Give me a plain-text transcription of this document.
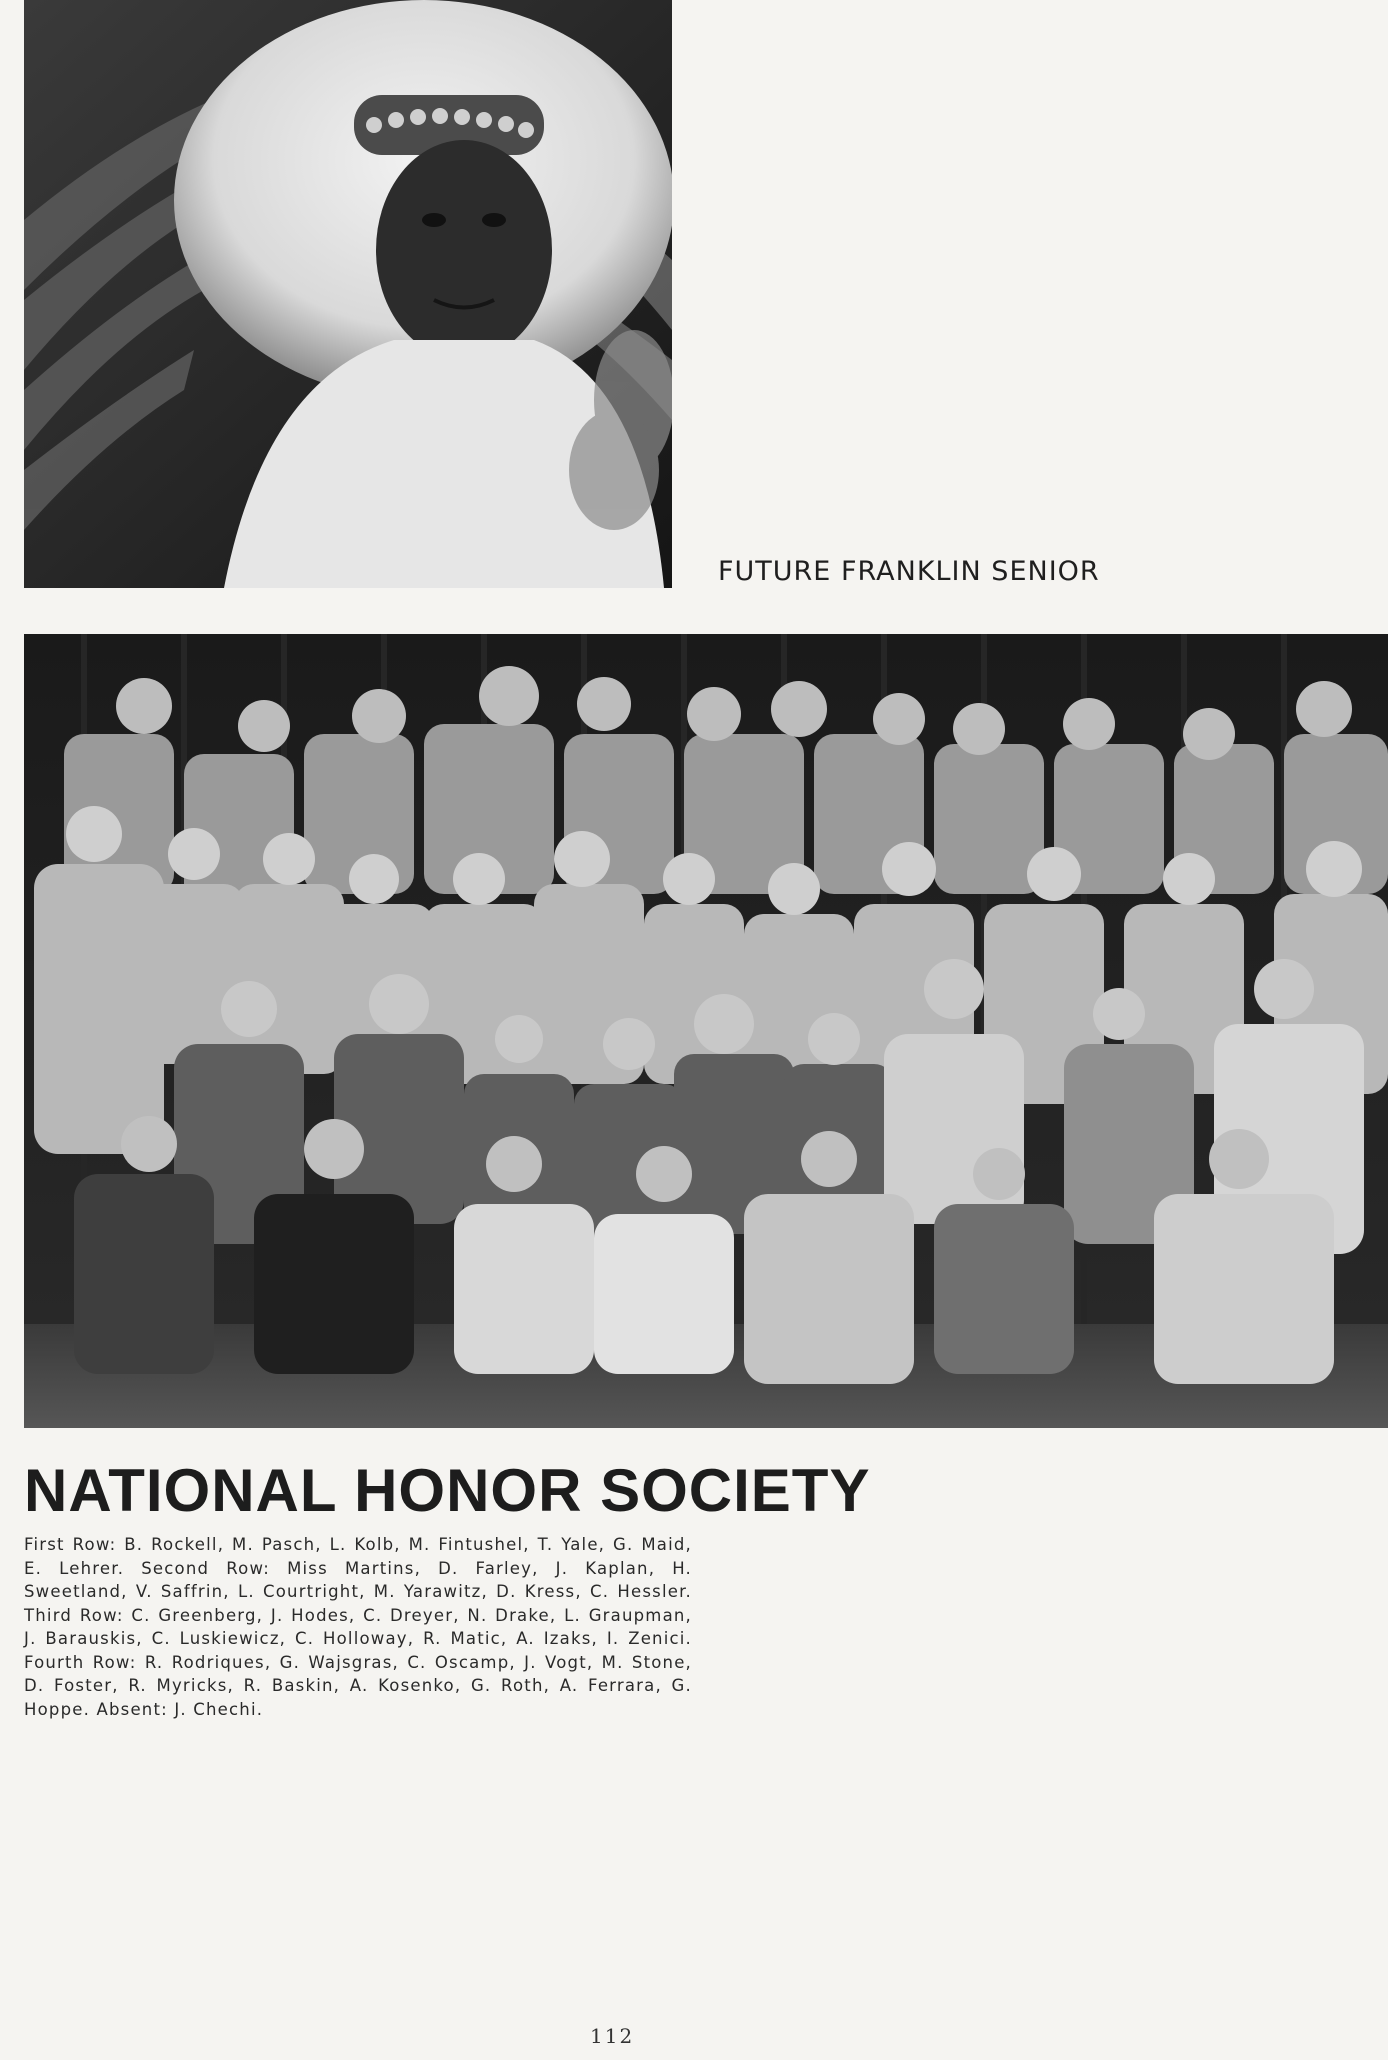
FUTURE FRANKLIN SENIOR
NATIONAL HONOR SOCIETY
First Row: B. Rockell, M. Pasch, L. Kolb, M. Fintushel, T. Yale, G. Maid, E. Lehrer. Second Row: Miss Martins, D. Farley, J. Kaplan, H. Sweetland, V. Saffrin, L. Courtright, M. Yarawitz, D. Kress, C. Hessler. Third Row: C. Greenberg, J. Hodes, C. Dreyer, N. Drake, L. Graupman, J. Barauskis, C. Luskiewicz, C. Holloway, R. Matic, A. Izaks, I. Zenici. Fourth Row: R. Rodriques, G. Wajsgras, C. Oscamp, J. Vogt, M. Stone, D. Foster, R. Myricks, R. Baskin, A. Kosenko, G. Roth, A. Ferrara, G. Hoppe. Absent: J. Chechi.
112
